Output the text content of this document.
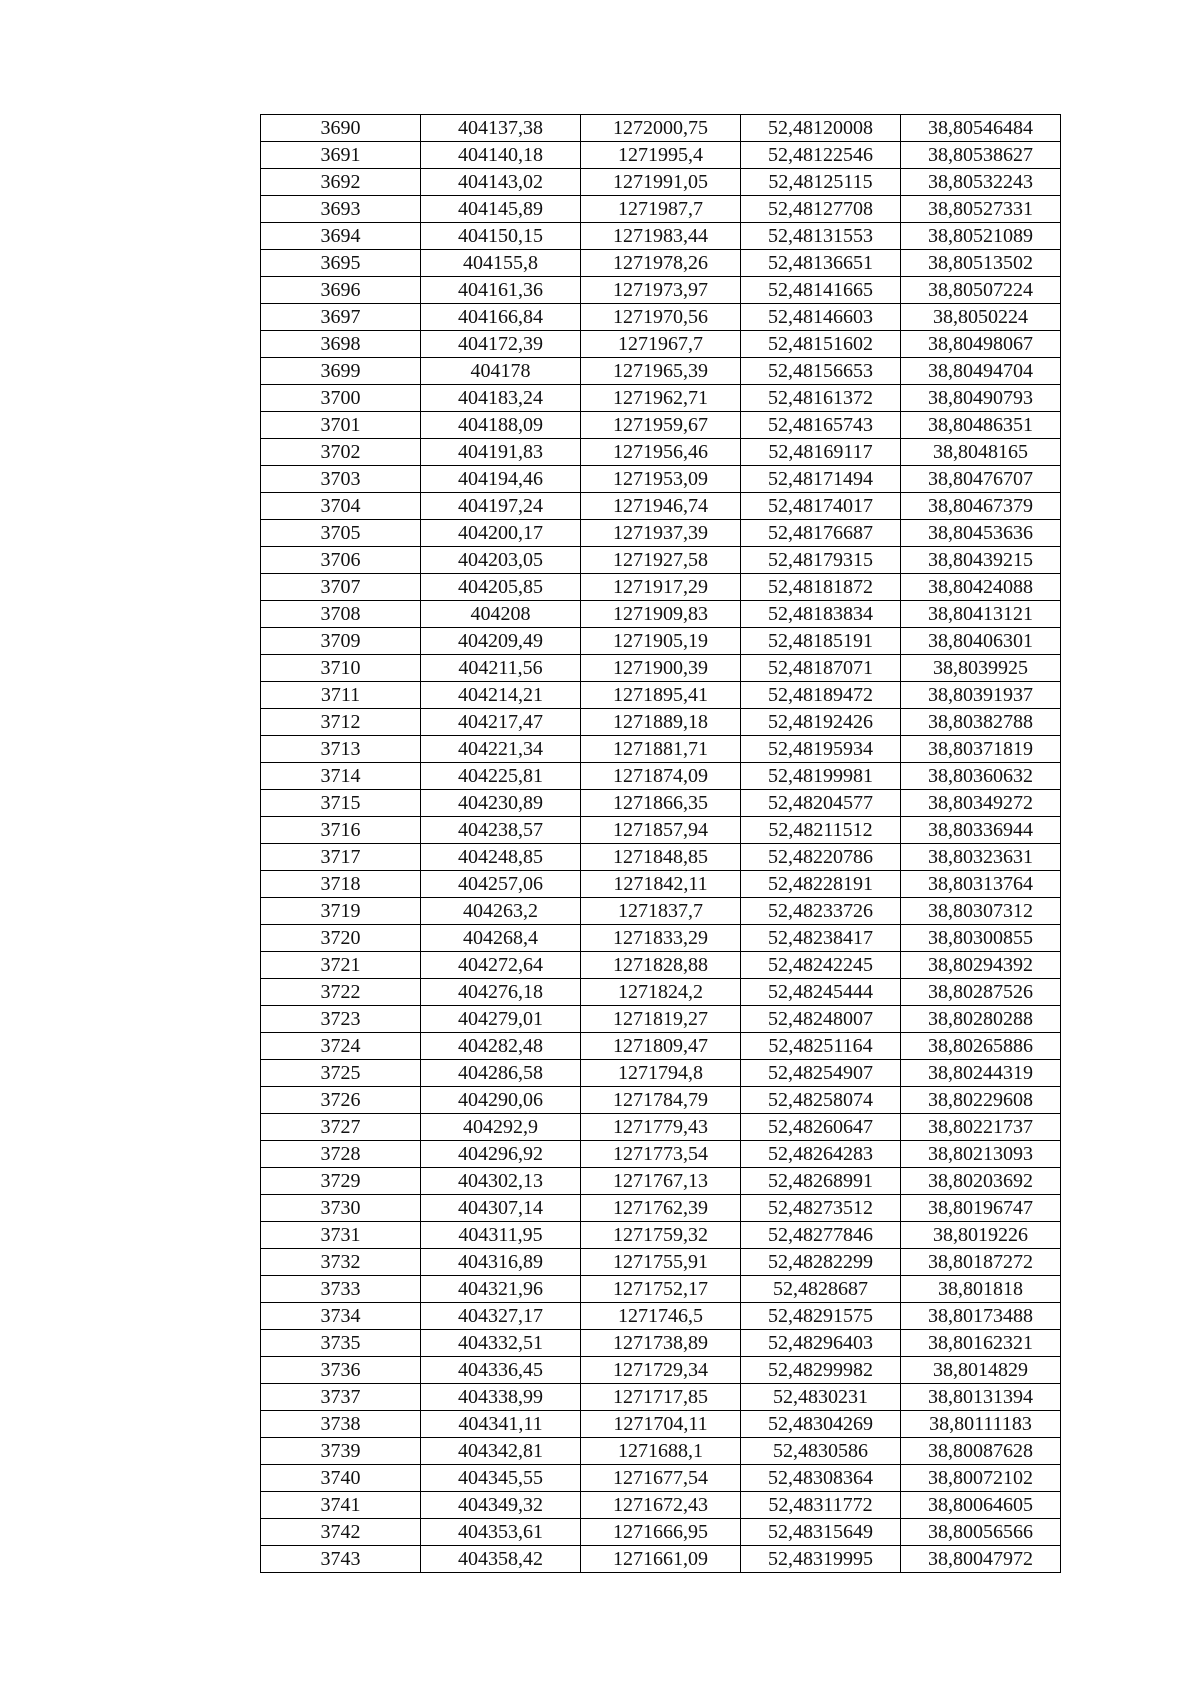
3690	404137,38	1272000,75	52,48120008	38,80546484
3691	404140,18	1271995,4	52,48122546	38,80538627
3692	404143,02	1271991,05	52,48125115	38,80532243
3693	404145,89	1271987,7	52,48127708	38,80527331
3694	404150,15	1271983,44	52,48131553	38,80521089
3695	404155,8	1271978,26	52,48136651	38,80513502
3696	404161,36	1271973,97	52,48141665	38,80507224
3697	404166,84	1271970,56	52,48146603	38,8050224
3698	404172,39	1271967,7	52,48151602	38,80498067
3699	404178	1271965,39	52,48156653	38,80494704
3700	404183,24	1271962,71	52,48161372	38,80490793
3701	404188,09	1271959,67	52,48165743	38,80486351
3702	404191,83	1271956,46	52,48169117	38,8048165
3703	404194,46	1271953,09	52,48171494	38,80476707
3704	404197,24	1271946,74	52,48174017	38,80467379
3705	404200,17	1271937,39	52,48176687	38,80453636
3706	404203,05	1271927,58	52,48179315	38,80439215
3707	404205,85	1271917,29	52,48181872	38,80424088
3708	404208	1271909,83	52,48183834	38,80413121
3709	404209,49	1271905,19	52,48185191	38,80406301
3710	404211,56	1271900,39	52,48187071	38,8039925
3711	404214,21	1271895,41	52,48189472	38,80391937
3712	404217,47	1271889,18	52,48192426	38,80382788
3713	404221,34	1271881,71	52,48195934	38,80371819
3714	404225,81	1271874,09	52,48199981	38,80360632
3715	404230,89	1271866,35	52,48204577	38,80349272
3716	404238,57	1271857,94	52,48211512	38,80336944
3717	404248,85	1271848,85	52,48220786	38,80323631
3718	404257,06	1271842,11	52,48228191	38,80313764
3719	404263,2	1271837,7	52,48233726	38,80307312
3720	404268,4	1271833,29	52,48238417	38,80300855
3721	404272,64	1271828,88	52,48242245	38,80294392
3722	404276,18	1271824,2	52,48245444	38,80287526
3723	404279,01	1271819,27	52,48248007	38,80280288
3724	404282,48	1271809,47	52,48251164	38,80265886
3725	404286,58	1271794,8	52,48254907	38,80244319
3726	404290,06	1271784,79	52,48258074	38,80229608
3727	404292,9	1271779,43	52,48260647	38,80221737
3728	404296,92	1271773,54	52,48264283	38,80213093
3729	404302,13	1271767,13	52,48268991	38,80203692
3730	404307,14	1271762,39	52,48273512	38,80196747
3731	404311,95	1271759,32	52,48277846	38,8019226
3732	404316,89	1271755,91	52,48282299	38,80187272
3733	404321,96	1271752,17	52,4828687	38,801818
3734	404327,17	1271746,5	52,48291575	38,80173488
3735	404332,51	1271738,89	52,48296403	38,80162321
3736	404336,45	1271729,34	52,48299982	38,8014829
3737	404338,99	1271717,85	52,4830231	38,80131394
3738	404341,11	1271704,11	52,48304269	38,80111183
3739	404342,81	1271688,1	52,4830586	38,80087628
3740	404345,55	1271677,54	52,48308364	38,80072102
3741	404349,32	1271672,43	52,48311772	38,80064605
3742	404353,61	1271666,95	52,48315649	38,80056566
3743	404358,42	1271661,09	52,48319995	38,80047972
